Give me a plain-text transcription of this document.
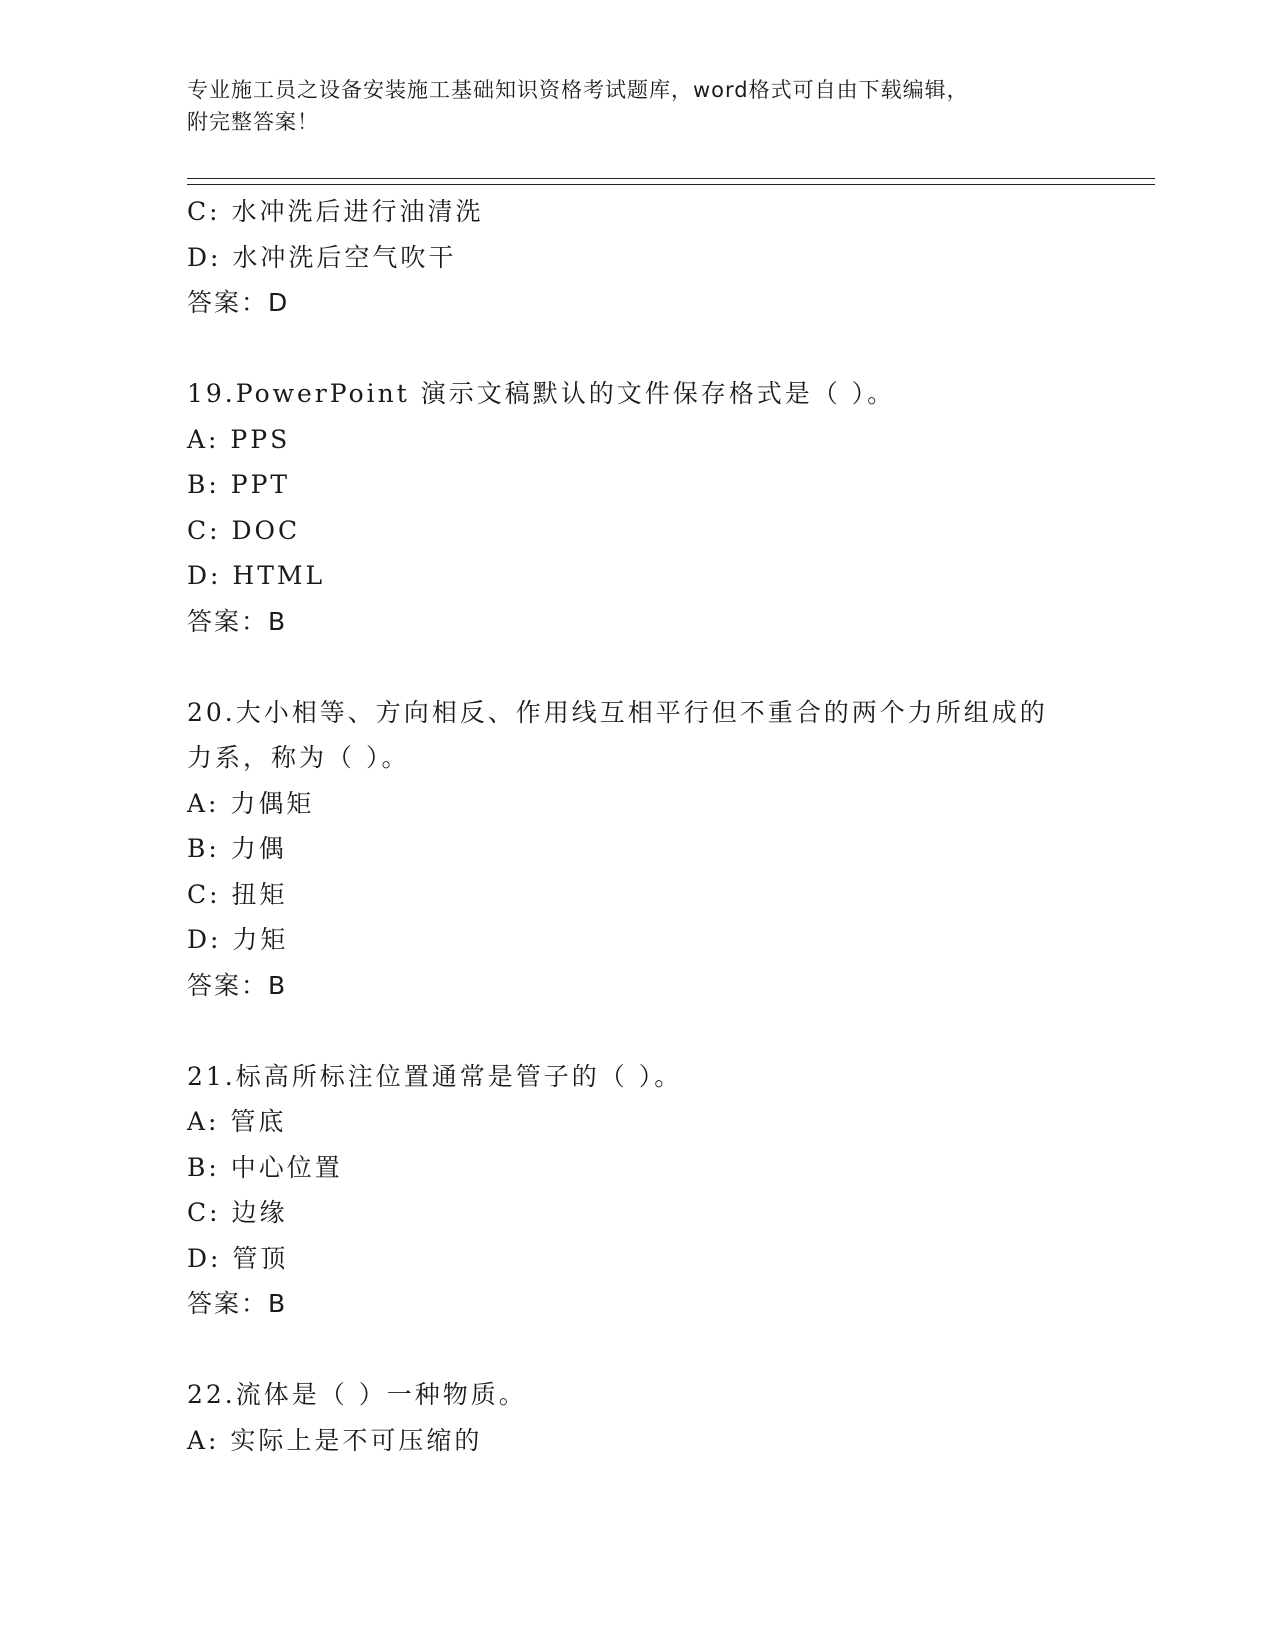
专业施工员之设备安装施工基础知识资格考试题库，word格式可自由下载编辑，
附完整答案！
C: 水冲洗后进行油清洗
D: 水冲洗后空气吹干
答案：D
19.PowerPoint 演示文稿默认的文件保存格式是（ ）。
A: PPS
B: PPT
C: DOC
D: HTML
答案：B
20.大小相等、方向相反、作用线互相平行但不重合的两个力所组成的
力系，称为（ ）。
A: 力偶矩
B: 力偶
C: 扭矩
D: 力矩
答案：B
21.标高所标注位置通常是管子的（ ）。
A: 管底
B: 中心位置
C: 边缘
D: 管顶
答案：B
22.流体是（ ）一种物质。
A: 实际上是不可压缩的
